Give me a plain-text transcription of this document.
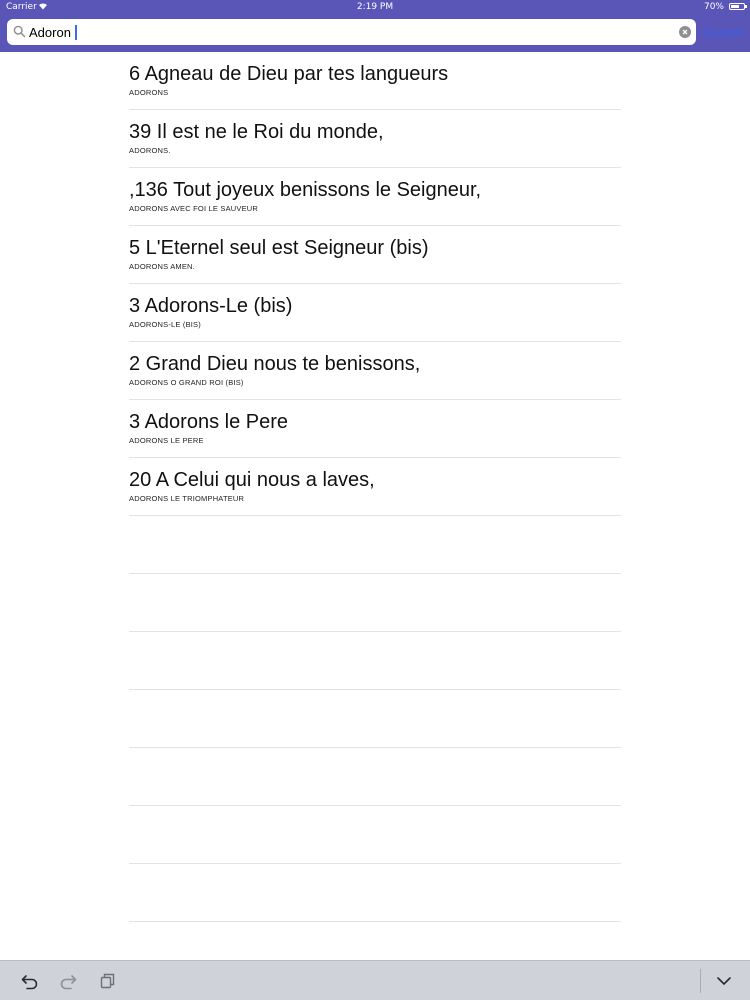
Carrier	2:19 PM	70%
Adoron
Cancel
6 Agneau de Dieu par tes langueurs
ADORONS
39 Il est ne le Roi du monde,
ADORONS.
,136 Tout joyeux benissons le Seigneur,
ADORONS AVEC FOI LE SAUVEUR
5 L'Eternel seul est Seigneur (bis)
ADORONS AMEN.
3 Adorons-Le (bis)
ADORONS-LE (BIS)
2 Grand Dieu nous te benissons,
ADORONS O GRAND ROI (BIS)
3 Adorons le Pere
ADORONS LE PERE
20 A Celui qui nous a laves,
ADORONS LE TRIOMPHATEUR
